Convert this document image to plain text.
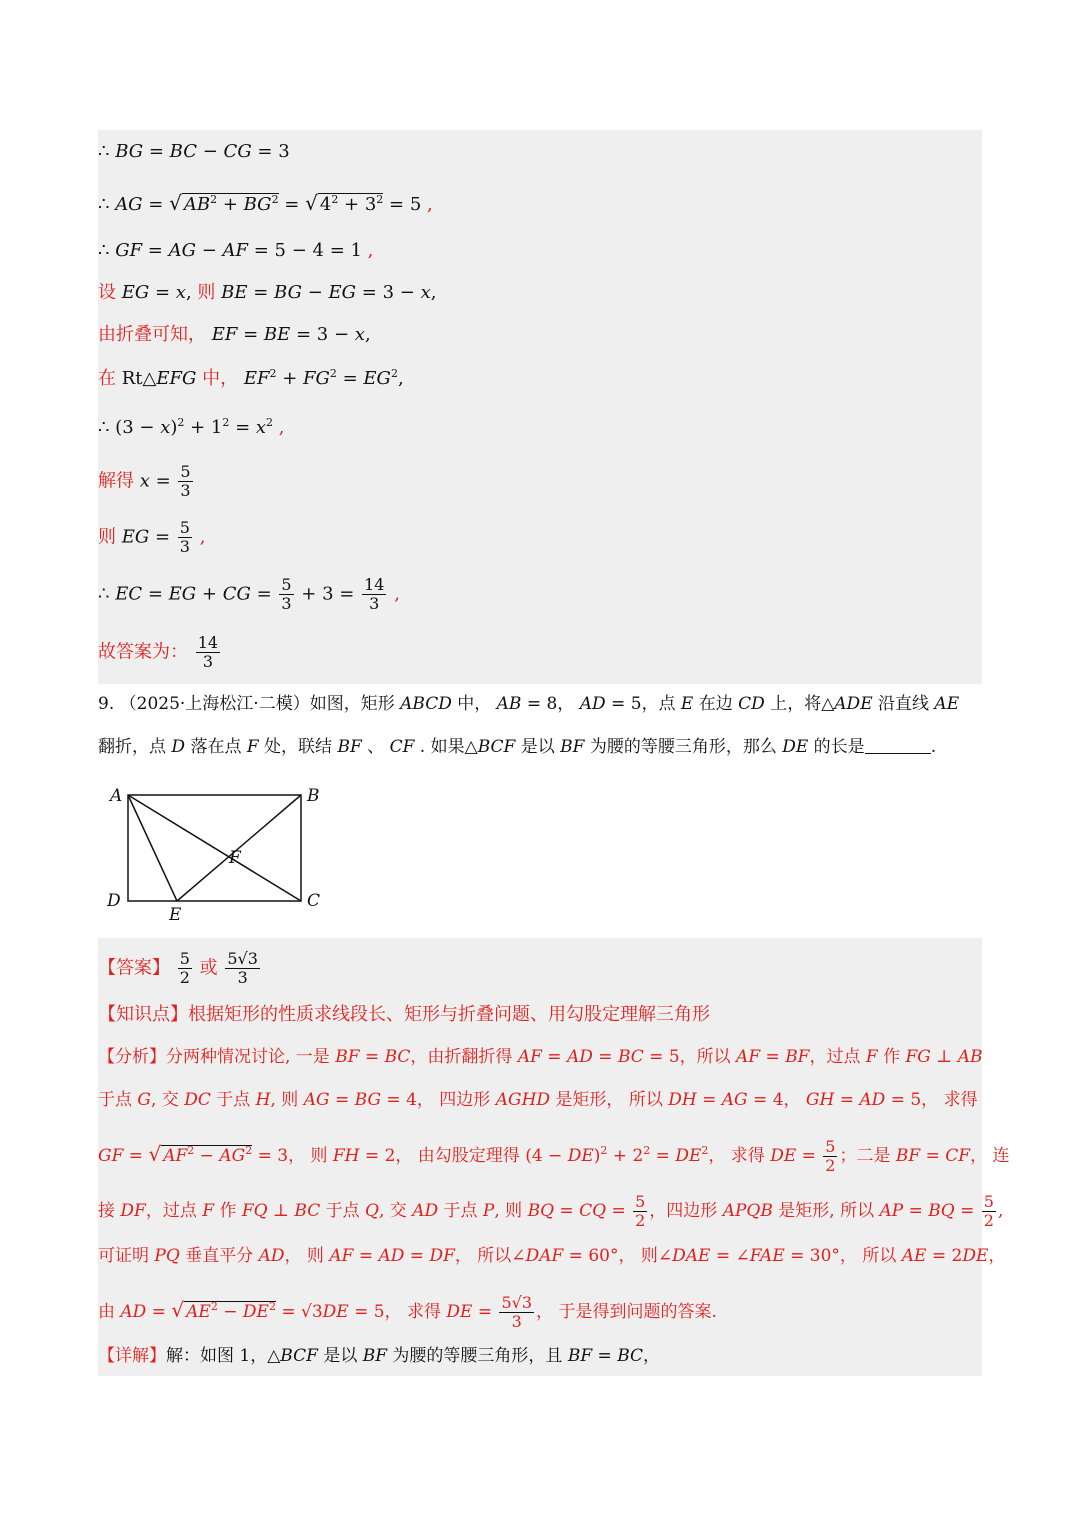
∴ BG = BC − CG = 3
∴ AG = √ $AB^2 + BG^2$ = √ $4^2 + 3^2 = 5$ ,
∴ GF = AG − AF = 5 − 4 = 1 ,
设 EG = x, 则 BE = BG − EG = 3 − x,
由折叠可知， EF = BE = 3 − x,
在 Rt△EFG 中， $EF^2 + FG^2 = EG^2$,
∴ $(3 - x)^2 + 1^2 = x^2$ ,
解得 $x = \frac{5}{3}$
则 EG = $\frac{5}{3}$ ,
∴ EC = EG + CG = $\frac{5}{3} + 3 = \frac{14}{3}$ ,
故答案为： $\frac{14}{3}$
9. （2025·上海松江·二模）如图，矩形 ABCD 中， AB = 8， AD = 5，点 E 在边 CD 上，将△ADE 沿直线 AE
翻折，点 D 落在点 F 处，联结 BF 、 CF . 如果△BCF 是以 BF 为腰的等腰三角形，那么 DE 的长是	.
A	B
C
D
E
F
【答案】 $\frac{5}{2}$ 或 $\frac{5√3}{3}$
【知识点】根据矩形的性质求线段长、矩形与折叠问题、用勾股定理解三角形
【分析】分两种情况讨论, 一是 BF = BC，由折翻折得 AF = AD = BC = 5，所以 AF = BF，过点 F 作 FG ⊥ AB
于点 G, 交 DC 于点 H, 则 AG = BG = 4， 四边形 AGHD 是矩形， 所以 DH = AG = 4， GH = AD = 5， 求得
GF = √ $AF^2 - AG^2 = 3$， 则 FH = 2， 由勾股定理得 $(4 - DE)^2 + 2^2 = DE^2$， 求得 DE = $\frac{5}{2}$ ；二是 BF = CF， 连
接 DF，过点 F 作 FQ ⊥ BC 于点 Q, 交 AD 于点 P, 则 BQ = CQ = $\frac{5}{2}$ ，四边形 APQB 是矩形, 所以 AP = BQ = $\frac{5}{2}$ ,
可证明 PQ 垂直平分 AD， 则 AF = AD = DF， 所以∠DAF = 60°， 则∠DAE = ∠FAE = 30°， 所以 AE = 2DE，
由 AD = √ $AE^2 - DE^2 = √3DE = 5$， 求得 DE = $\frac{5√3}{3}$ ， 于是得到问题的答案.
【详解】解：如图 1，△BCF 是以 BF 为腰的等腰三角形，且 BF = BC，
